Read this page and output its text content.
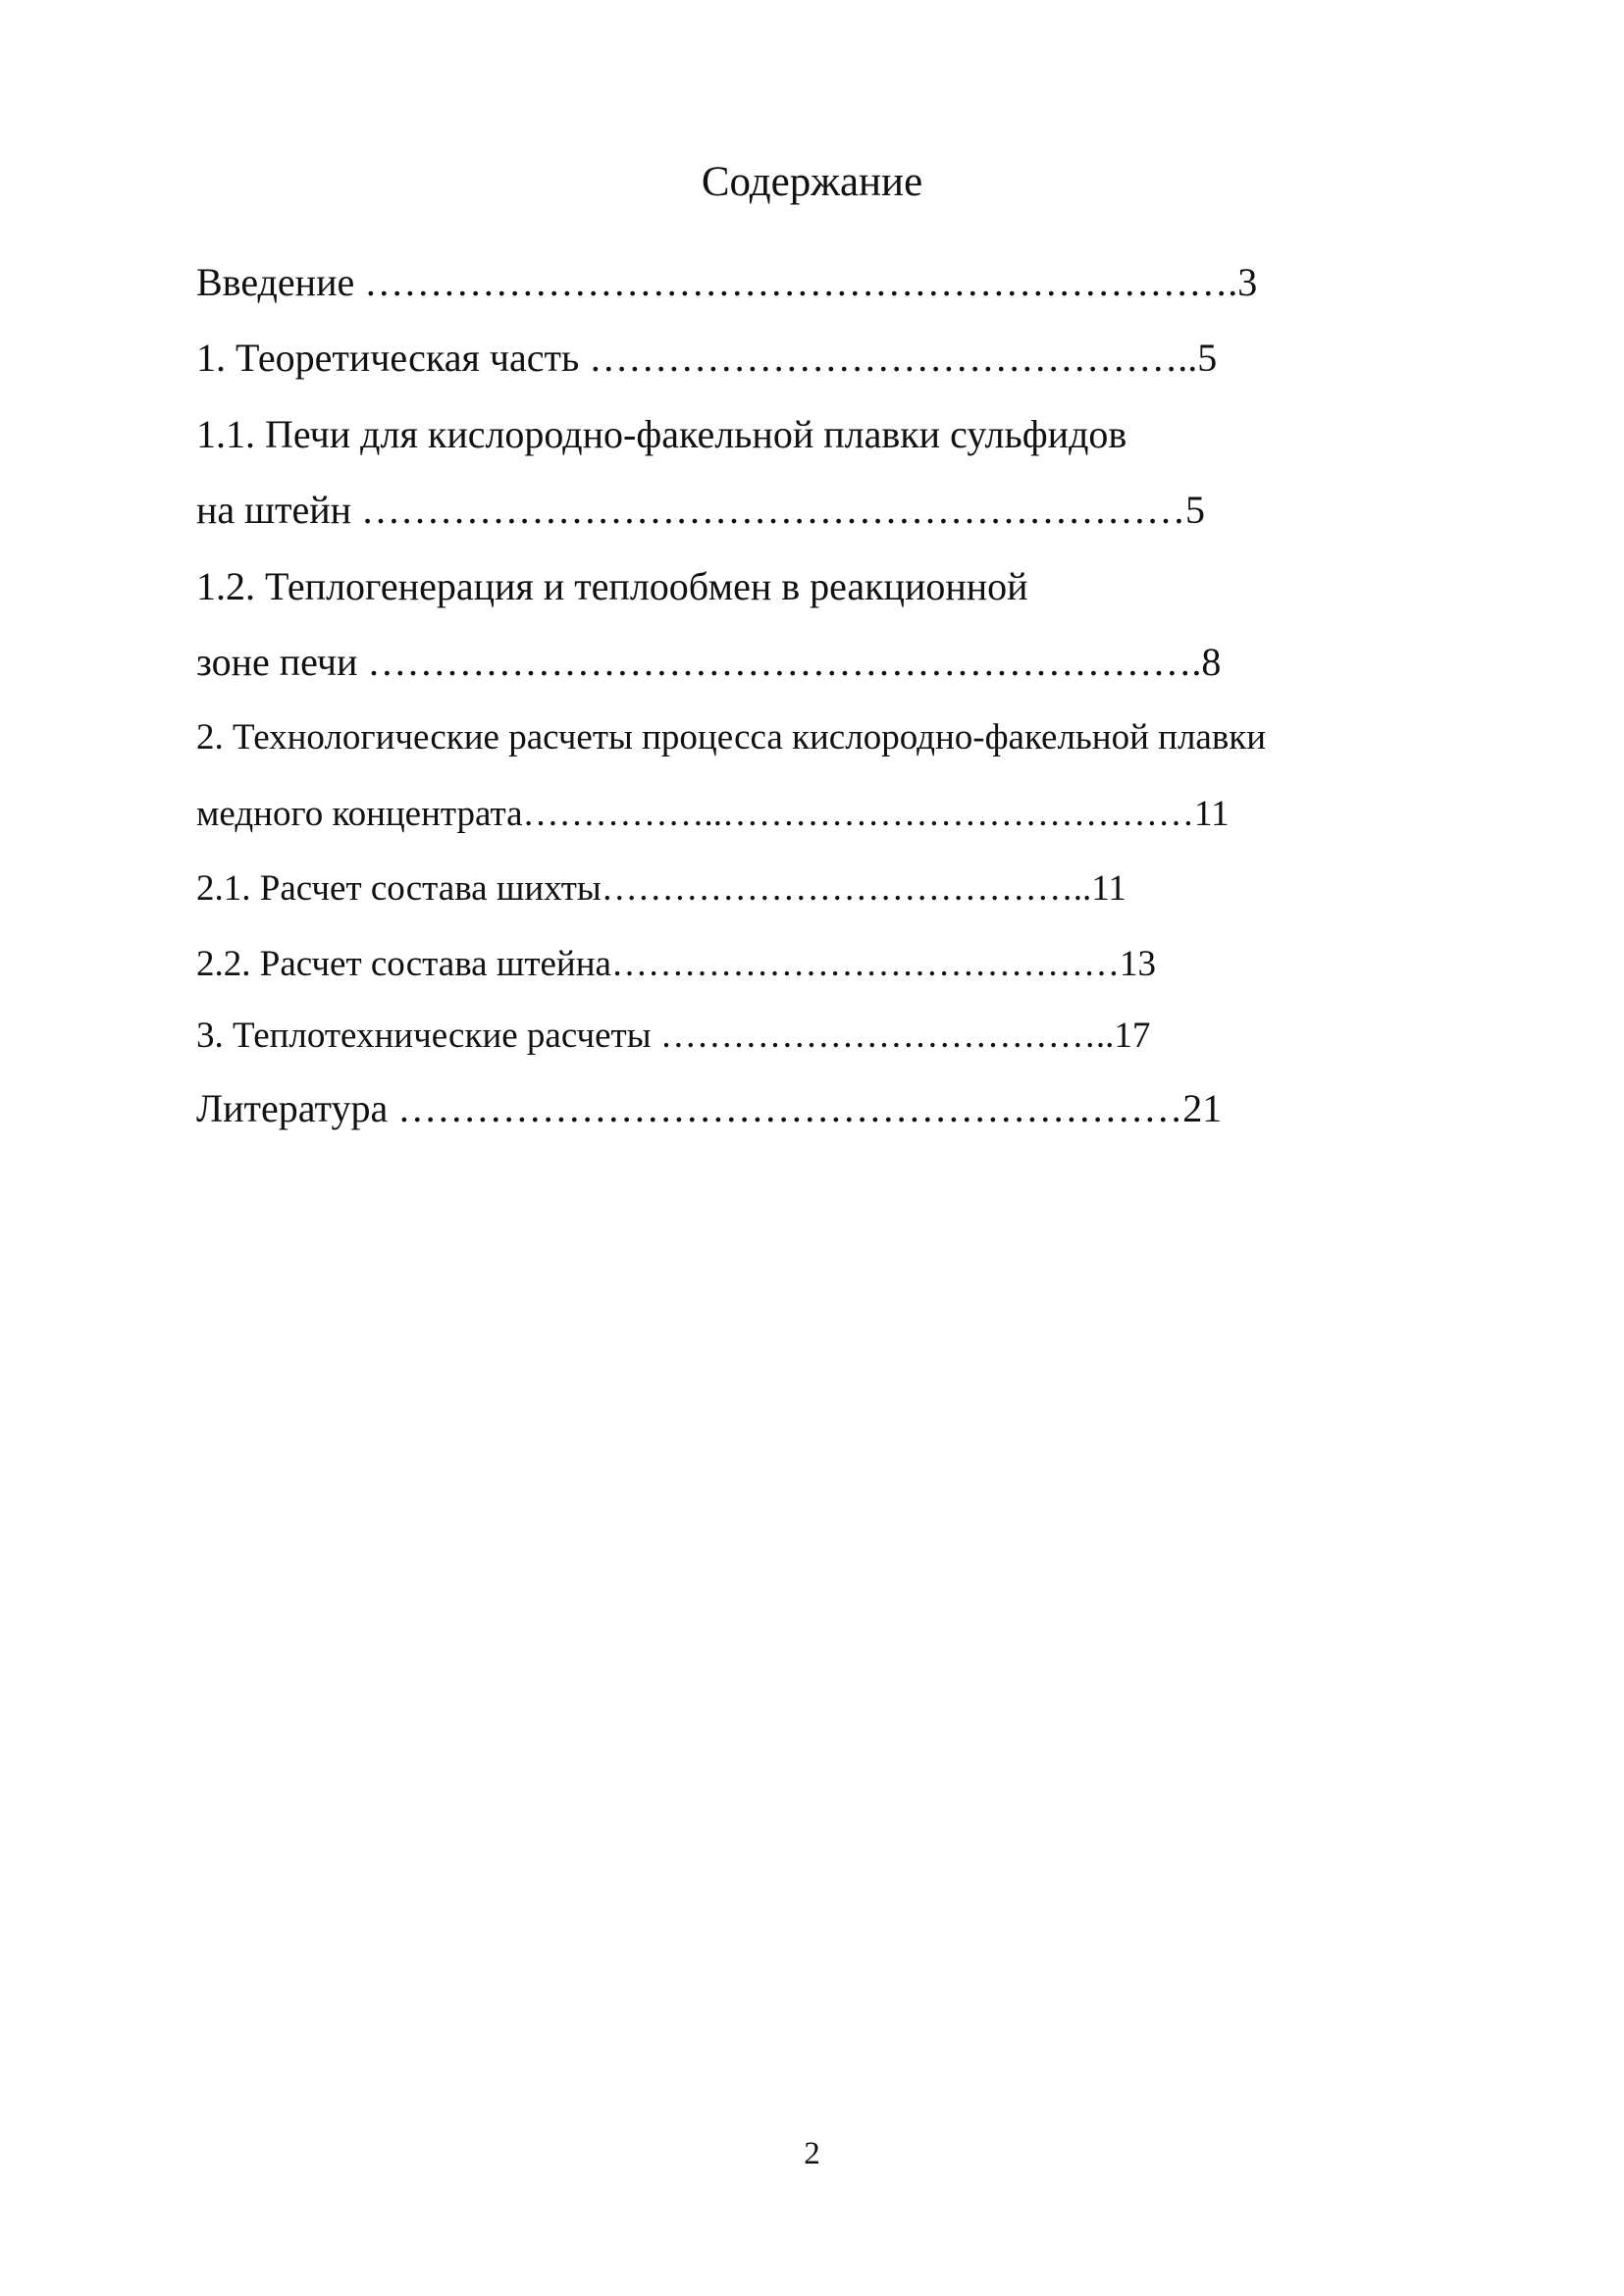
Содержание
Введение ………………………………………………………….3
1. Теоретическая часть ………………………………………..5
1.1. Печи для кислородно-факельной плавки сульфидов
на штейн ………………………………………………………5
1.2. Теплогенерация и теплообмен в реакционной
зоне печи ……………………………………………………….8
2. Технологические расчеты процесса кислородно-факельной плавки
медного концентрата……………..…………………………………11
2.1. Расчет состава шихты…………………………………..11
2.2. Расчет состава штейна……………………………………13
3. Теплотехнические расчеты ………………………………..17
Литература ……………………………………………………21
2
